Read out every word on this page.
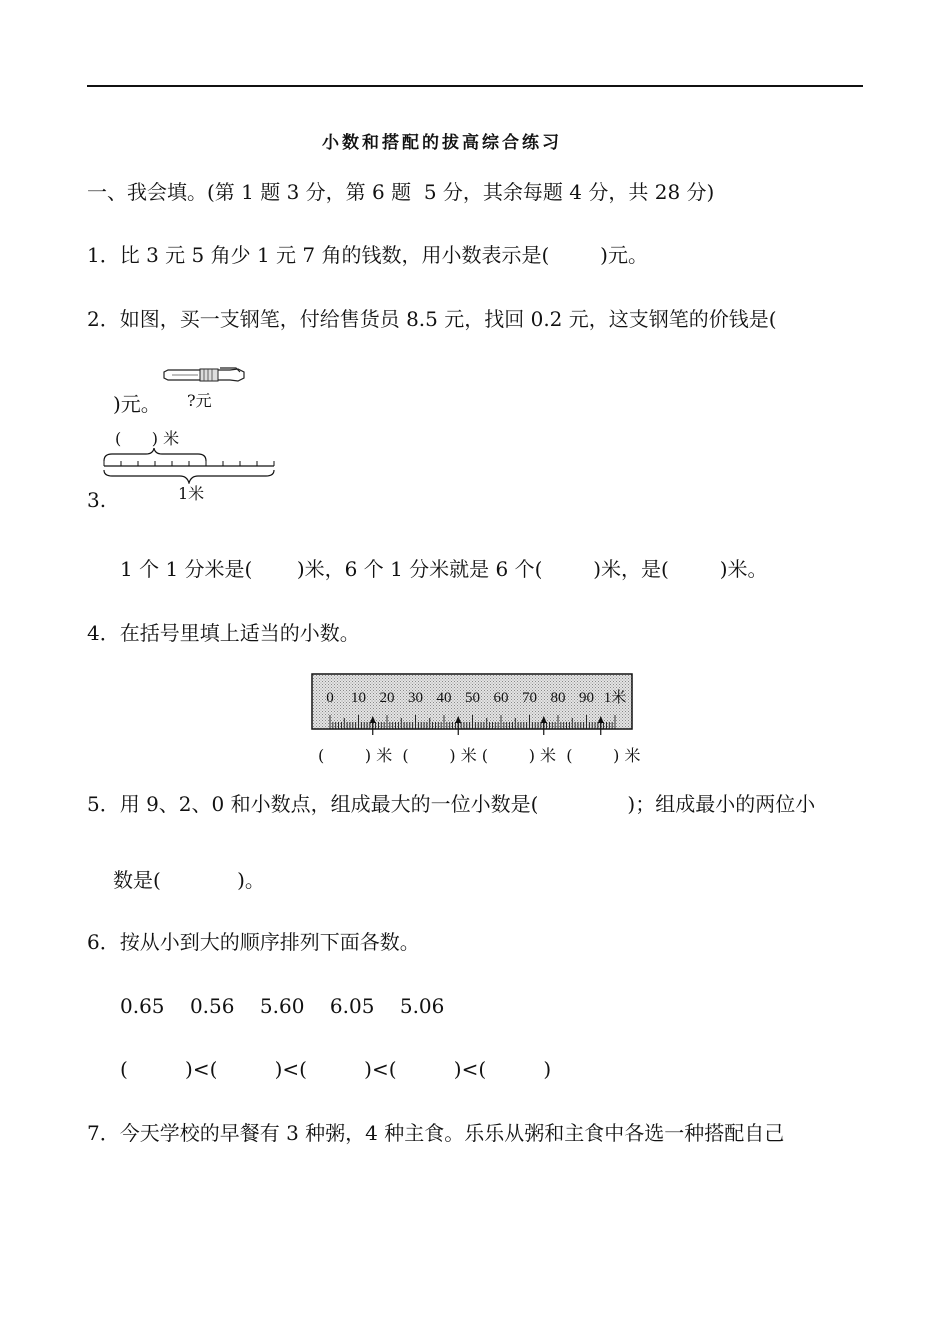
小数和搭配的拔高综合练习
一、我会填。(第 1 题 3 分，第 6 题  5 分，其余每题 4 分，共 28 分)
1．比 3 元 5 角少 1 元 7 角的钱数，用小数表示是(        )元。
2．如图，买一支钢笔，付给售货员 8.5 元，找回 0.2 元，这支钢笔的价钱是(
?元
)元。
(      ) 米
1米
3.
1 个 1 分米是(       )米，6 个 1 分米就是 6 个(        )米，是(        )米。
4．在括号里填上适当的小数。
0 10 20 30 40 50 60 70 80 90 1米
(        ) 米  (        ) 米 (        ) 米  (        ) 米
5．用 9、2、0 和小数点，组成最大的一位小数是(              )；组成最小的两位小
数是(            )。
6．按从小到大的顺序排列下面各数。
0.65    0.56    5.60    6.05    5.06
(         )<(         )<(         )<(         )<(         )
7．今天学校的早餐有 3 种粥，4 种主食。乐乐从粥和主食中各选一种搭配自己
